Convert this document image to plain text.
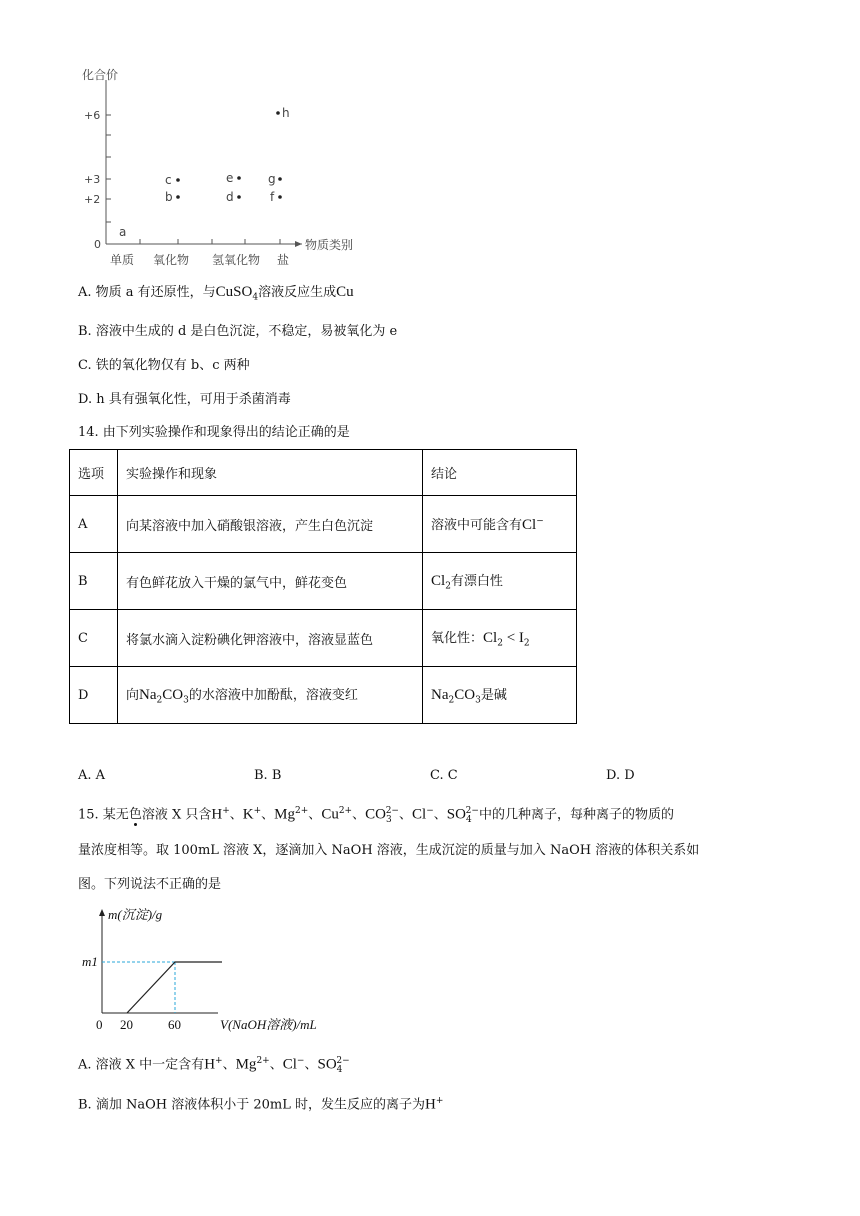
化合价
物质类别
+6
+3
+2
0
单质 氧化物 氢氧化物 盐
a
c
b
e
d
g
f
h
A. 物质 a 有还原性，与CuSO$_4$溶液反应生成Cu
B. 溶液中生成的 d 是白色沉淀，不稳定，易被氧化为 e
C. 铁的氧化物仅有 b、c 两种
D. h 具有强氧化性，可用于杀菌消毒
14. 由下列实验操作和现象得出的结论正确的是
选项	实验操作和现象	结论
A	向某溶液中加入硝酸银溶液，产生白色沉淀	溶液中可能含有Cl−
B	有色鲜花放入干燥的氯气中，鲜花变色	$Cl_2$有漂白性
C	将氯水滴入淀粉碘化钾溶液中，溶液显蓝色	氧化性：$Cl_2 < I_2$
D	向$Na_2CO_3$的水溶液中加酚酞，溶液变红	$Na_2CO_3$是碱
A. A	B. B	C. C	D. D
15. 某无色溶液 X 只含H+、K+、$Mg^{2+}$、$Cu^{2+}$、$CO_3^{2-}$、Cl−、$SO_4^{2-}$中的几种离子，每种离子的物质的
量浓度相等。取 100mL 溶液 X，逐滴加入 NaOH 溶液，生成沉淀的质量与加入 NaOH 溶液的体积关系如
图。下列说法不正确的是
m(沉淀)/g
m1
0 20	60	V(NaOH溶液)/mL
A. 溶液 X 中一定含有H+、$Mg^{2+}$、Cl−、$SO_4^{2-}$
B. 滴加 NaOH 溶液体积小于 20mL 时，发生反应的离子为H+
